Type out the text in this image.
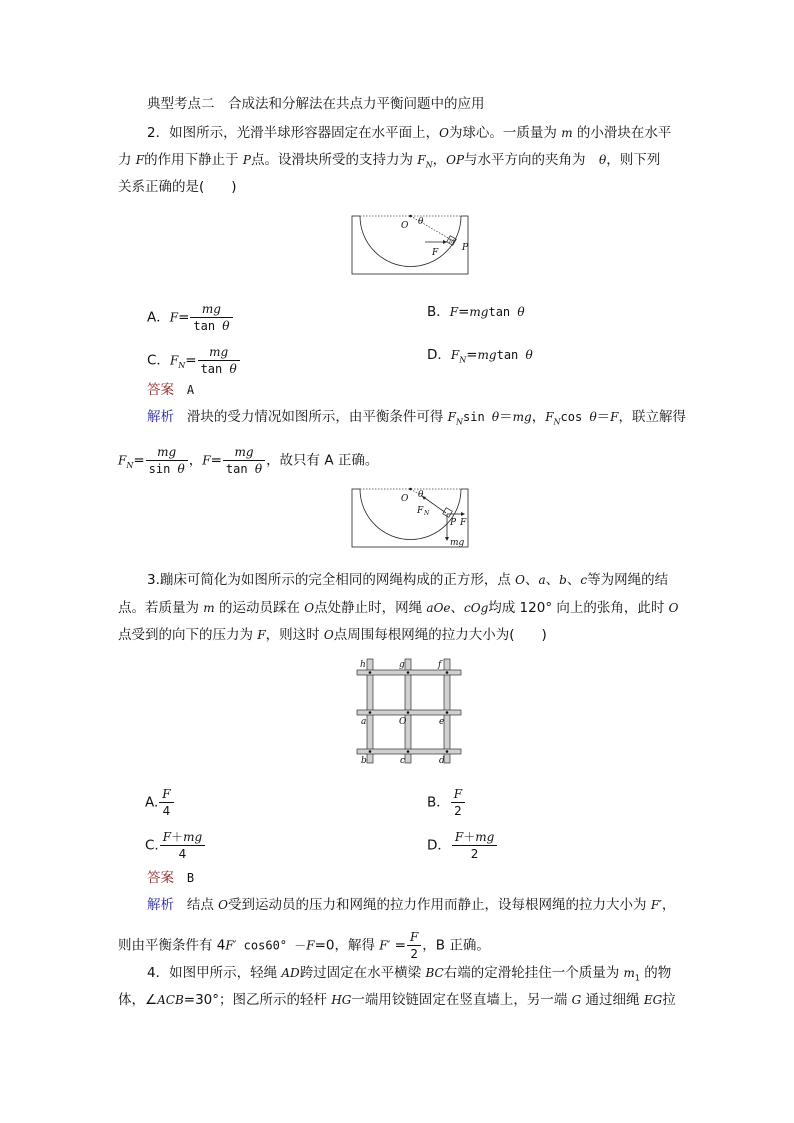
典型考点二　合成法和分解法在共点力平衡问题中的应用
2．如图所示，光滑半球形容器固定在水平面上，O为球心。一质量为 m 的小滑块在水平
力 F的作用下静止于 P点。设滑块所受的支持力为 $F_N$，OP与水平方向的夹角为　θ，则下列
关系正确的是(　　)
O θ
m
F	P
A．$F= \frac{mg}{\text{tan θ}}$	B．F=mgtan θ
C．$F_N= \frac{mg}{\text{tan θ}}$	D．$F_N=mgtan$ θ
答案 A
解析 滑块的受力情况如图所示，由平衡条件可得 $F_N\sin$ θ＝mg，$F_N\cos$ θ＝F，联立解得
$F_N= \frac{mg}{\text{sin θ}}$ ，$F= \frac{mg}{\text{tan θ}}$ ，故只有 A 正确。
O θ
F N
P F
mg
3.蹦床可简化为如图所示的完全相同的网绳构成的正方形，点 O、a、b、c等为网绳的结
点。若质量为 m 的运动员踩在 O点处静止时，网绳 aOe、cOg均成 120° 向上的张角，此时 O
点受到的向下的压力为 F，则这时 O点周围每根网绳的拉力大小为(　　)
h	g	f
a	O	e
b	c	d
A. $\frac{F}{4}$	B． $\frac{F}{2}$
C. $\frac{F+mg}{4}$	D． $\frac{F+mg}{2}$
答案 B
解析 结点 O受到运动员的压力和网绳的拉力作用而静止，设每根网绳的拉力大小为 F′，
则由平衡条件有 4F′ cos60° －F=0，解得 $F' = \frac{F}{2}$ ，B 正确。
4．如图甲所示，轻绳 AD跨过固定在水平横梁 BC右端的定滑轮挂住一个质量为 $m_1$ 的物
体，∠ACB=30°；图乙所示的轻杆 HG一端用铰链固定在竖直墙上，另一端 G 通过细绳 EG拉
